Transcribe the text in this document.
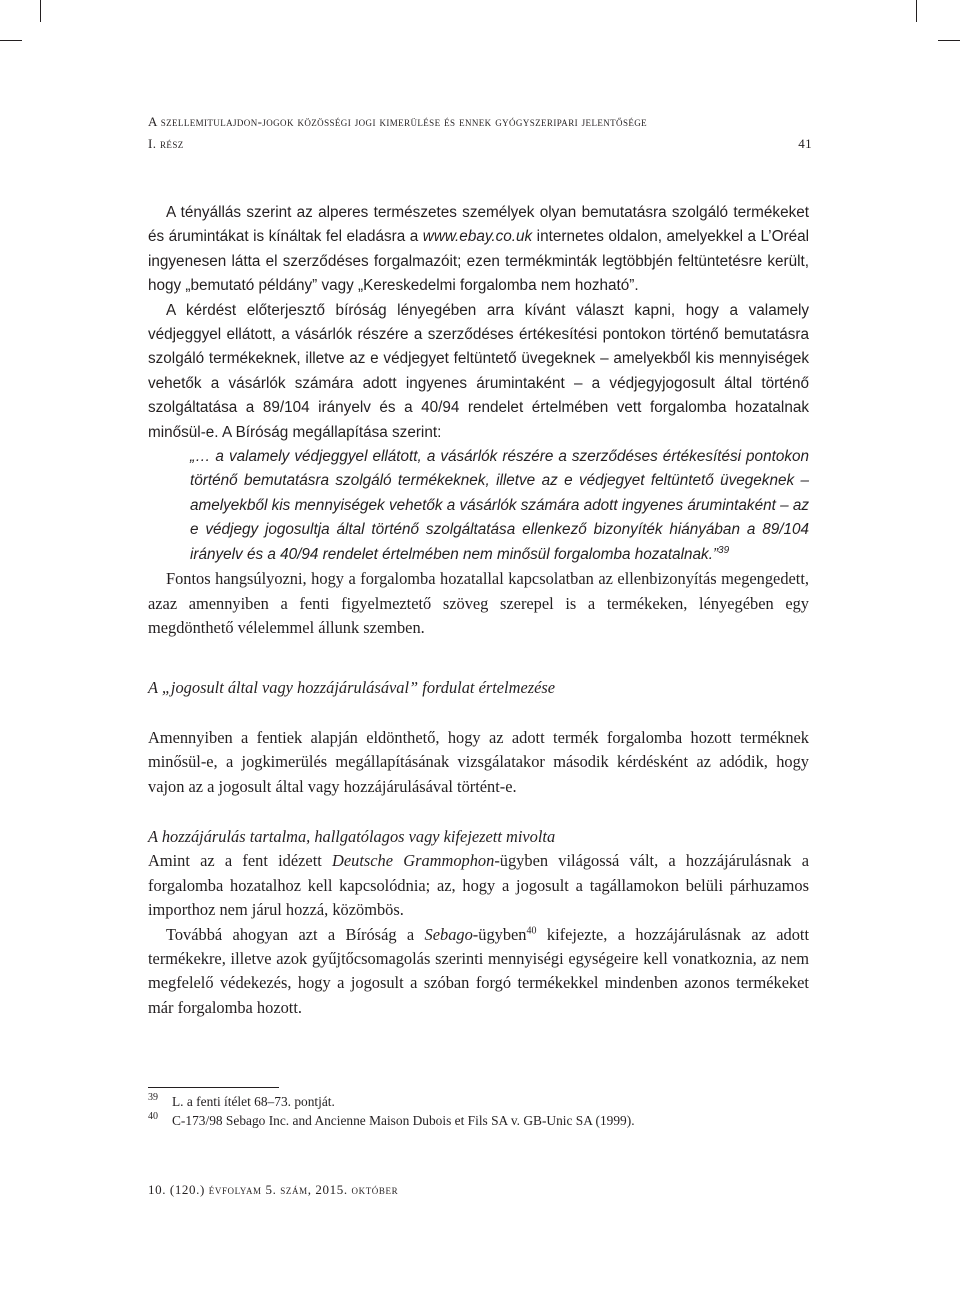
A szellemitulajdon-jogok közösségi jogi kimerülése és ennek gyógyszeripari jelentősége
I. rész	41

A tényállás szerint az alperes természetes személyek olyan bemutatásra szolgáló termékeket és árumintákat is kínáltak fel eladásra a www.ebay.co.uk internetes oldalon, amelyekkel a L’Oréal ingyenesen látta el szerződéses forgalmazóit; ezen termékminták legtöbbjén feltüntetésre került, hogy „bemutató példány” vagy „Kereskedelmi forgalomba nem hozható”.

A kérdést előterjesztő bíróság lényegében arra kívánt választ kapni, hogy a valamely védjeggyel ellátott, a vásárlók részére a szerződéses értékesítési pontokon történő bemutatásra szolgáló termékeknek, illetve az e védjegyet feltüntető üvegeknek – amelyekből kis mennyiségek vehetők a vásárlók számára adott ingyenes árumintaként – a védjegyjogosult által történő szolgáltatása a 89/104 irányelv és a 40/94 rendelet értelmében vett forgalomba hozatalnak minősül-e. A Bíróság megállapítása szerint:

„… a valamely védjeggyel ellátott, a vásárlók részére a szerződéses értékesítési pontokon történő bemutatásra szolgáló termékeknek, illetve az e védjegyet feltüntető üvegeknek – amelyekből kis mennyiségek vehetők a vásárlók számára adott ingyenes árumintaként – az e védjegy jogosultja által történő szolgáltatása ellenkező bizonyíték hiányában a 89/104 irányelv és a 40/94 rendelet értelmében nem minősül forgalomba hozatalnak.”$^{39}$

Fontos hangsúlyozni, hogy a forgalomba hozatallal kapcsolatban az ellenbizonyítás megengedett, azaz amennyiben a fenti figyelmeztető szöveg szerepel is a termékeken, lényegében egy megdönthető vélelemmel állunk szemben.

A „jogosult által vagy hozzájárulásával” fordulat értelmezése

Amennyiben a fentiek alapján eldönthető, hogy az adott termék forgalomba hozott terméknek minősül-e, a jogkimerülés megállapításának vizsgálatakor második kérdésként az adódik, hogy vajon az a jogosult által vagy hozzájárulásával történt-e.

A hozzájárulás tartalma, hallgatólagos vagy kifejezett mivolta

Amint az a fent idézett Deutsche Grammophon-ügyben világossá vált, a hozzájárulásnak a forgalomba hozatalhoz kell kapcsolódnia; az, hogy a jogosult a tagállamokon belüli párhuzamos importhoz nem járul hozzá, közömbös.

Továbbá ahogyan azt a Bíróság a Sebago-ügyben$^{40}$ kifejezte, a hozzájárulásnak az adott termékekre, illetve azok gyűjtőcsomagolás szerinti mennyiségi egységeire kell vonatkoznia, az nem megfelelő védekezés, hogy a jogosult a szóban forgó termékekkel mindenben azonos termékeket már forgalomba hozott.

39	L. a fenti ítélet 68–73. pontját.
40	C-173/98 Sebago Inc. and Ancienne Maison Dubois et Fils SA v. GB-Unic SA (1999).
10. (120.) évfolyam 5. szám, 2015. október
